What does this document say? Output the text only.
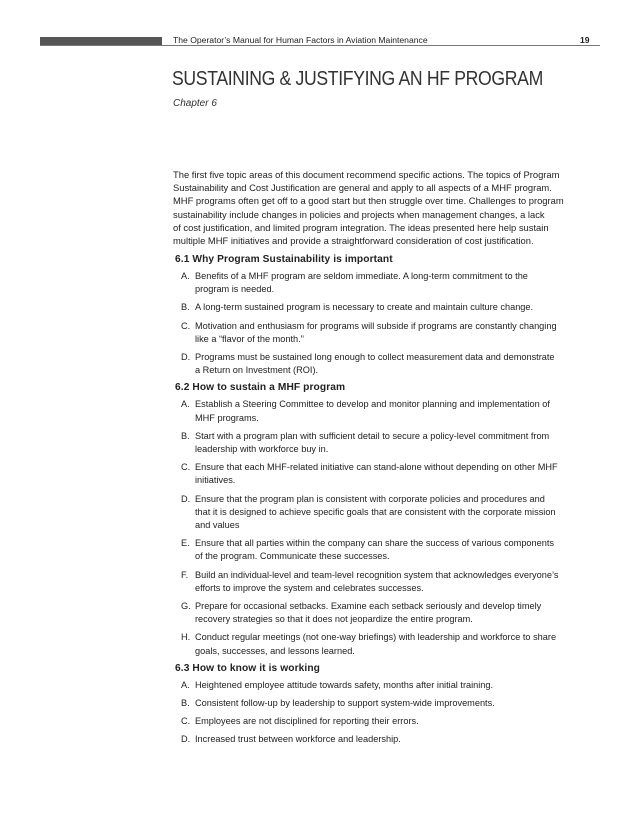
The Operator’s Manual for Human Factors in Aviation Maintenance	19
SUSTAINING & JUSTIFYING AN HF PROGRAM
Chapter 6
The first five topic areas of this document recommend specific actions. The topics of Program
Sustainability and Cost Justification are general and apply to all aspects of a MHF program.
MHF programs often get off to a good start but then struggle over time. Challenges to program
sustainability include changes in policies and projects when management changes, a lack
of cost justification, and limited program integration. The ideas presented here help sustain
multiple MHF initiatives and provide a straightforward consideration of cost justification.
6.1 Why Program Sustainability is important
A. Benefits of a MHF program are seldom immediate. A long-term commitment to the
program is needed.
B. A long-term sustained program is necessary to create and maintain culture change.
C. Motivation and enthusiasm for programs will subside if programs are constantly changing
like a “flavor of the month.”
D. Programs must be sustained long enough to collect measurement data and demonstrate
a Return on Investment (ROI).
6.2 How to sustain a MHF program
A. Establish a Steering Committee to develop and monitor planning and implementation of
MHF programs.
B. Start with a program plan with sufficient detail to secure a policy-level commitment from
leadership with workforce buy in.
C. Ensure that each MHF-related initiative can stand-alone without depending on other MHF
initiatives.
D. Ensure that the program plan is consistent with corporate policies and procedures and
that it is designed to achieve specific goals that are consistent with the corporate mission
and values
E. Ensure that all parties within the company can share the success of various components
of the program. Communicate these successes.
F. Build an individual-level and team-level recognition system that acknowledges everyone’s
efforts to improve the system and celebrates successes.
G. Prepare for occasional setbacks. Examine each setback seriously and develop timely
recovery strategies so that it does not jeopardize the entire program.
H. Conduct regular meetings (not one-way briefings) with leadership and workforce to share
goals, successes, and lessons learned.
6.3 How to know it is working
A. Heightened employee attitude towards safety, months after initial training.
B. Consistent follow-up by leadership to support system-wide improvements.
C. Employees are not disciplined for reporting their errors.
D. Increased trust between workforce and leadership.
